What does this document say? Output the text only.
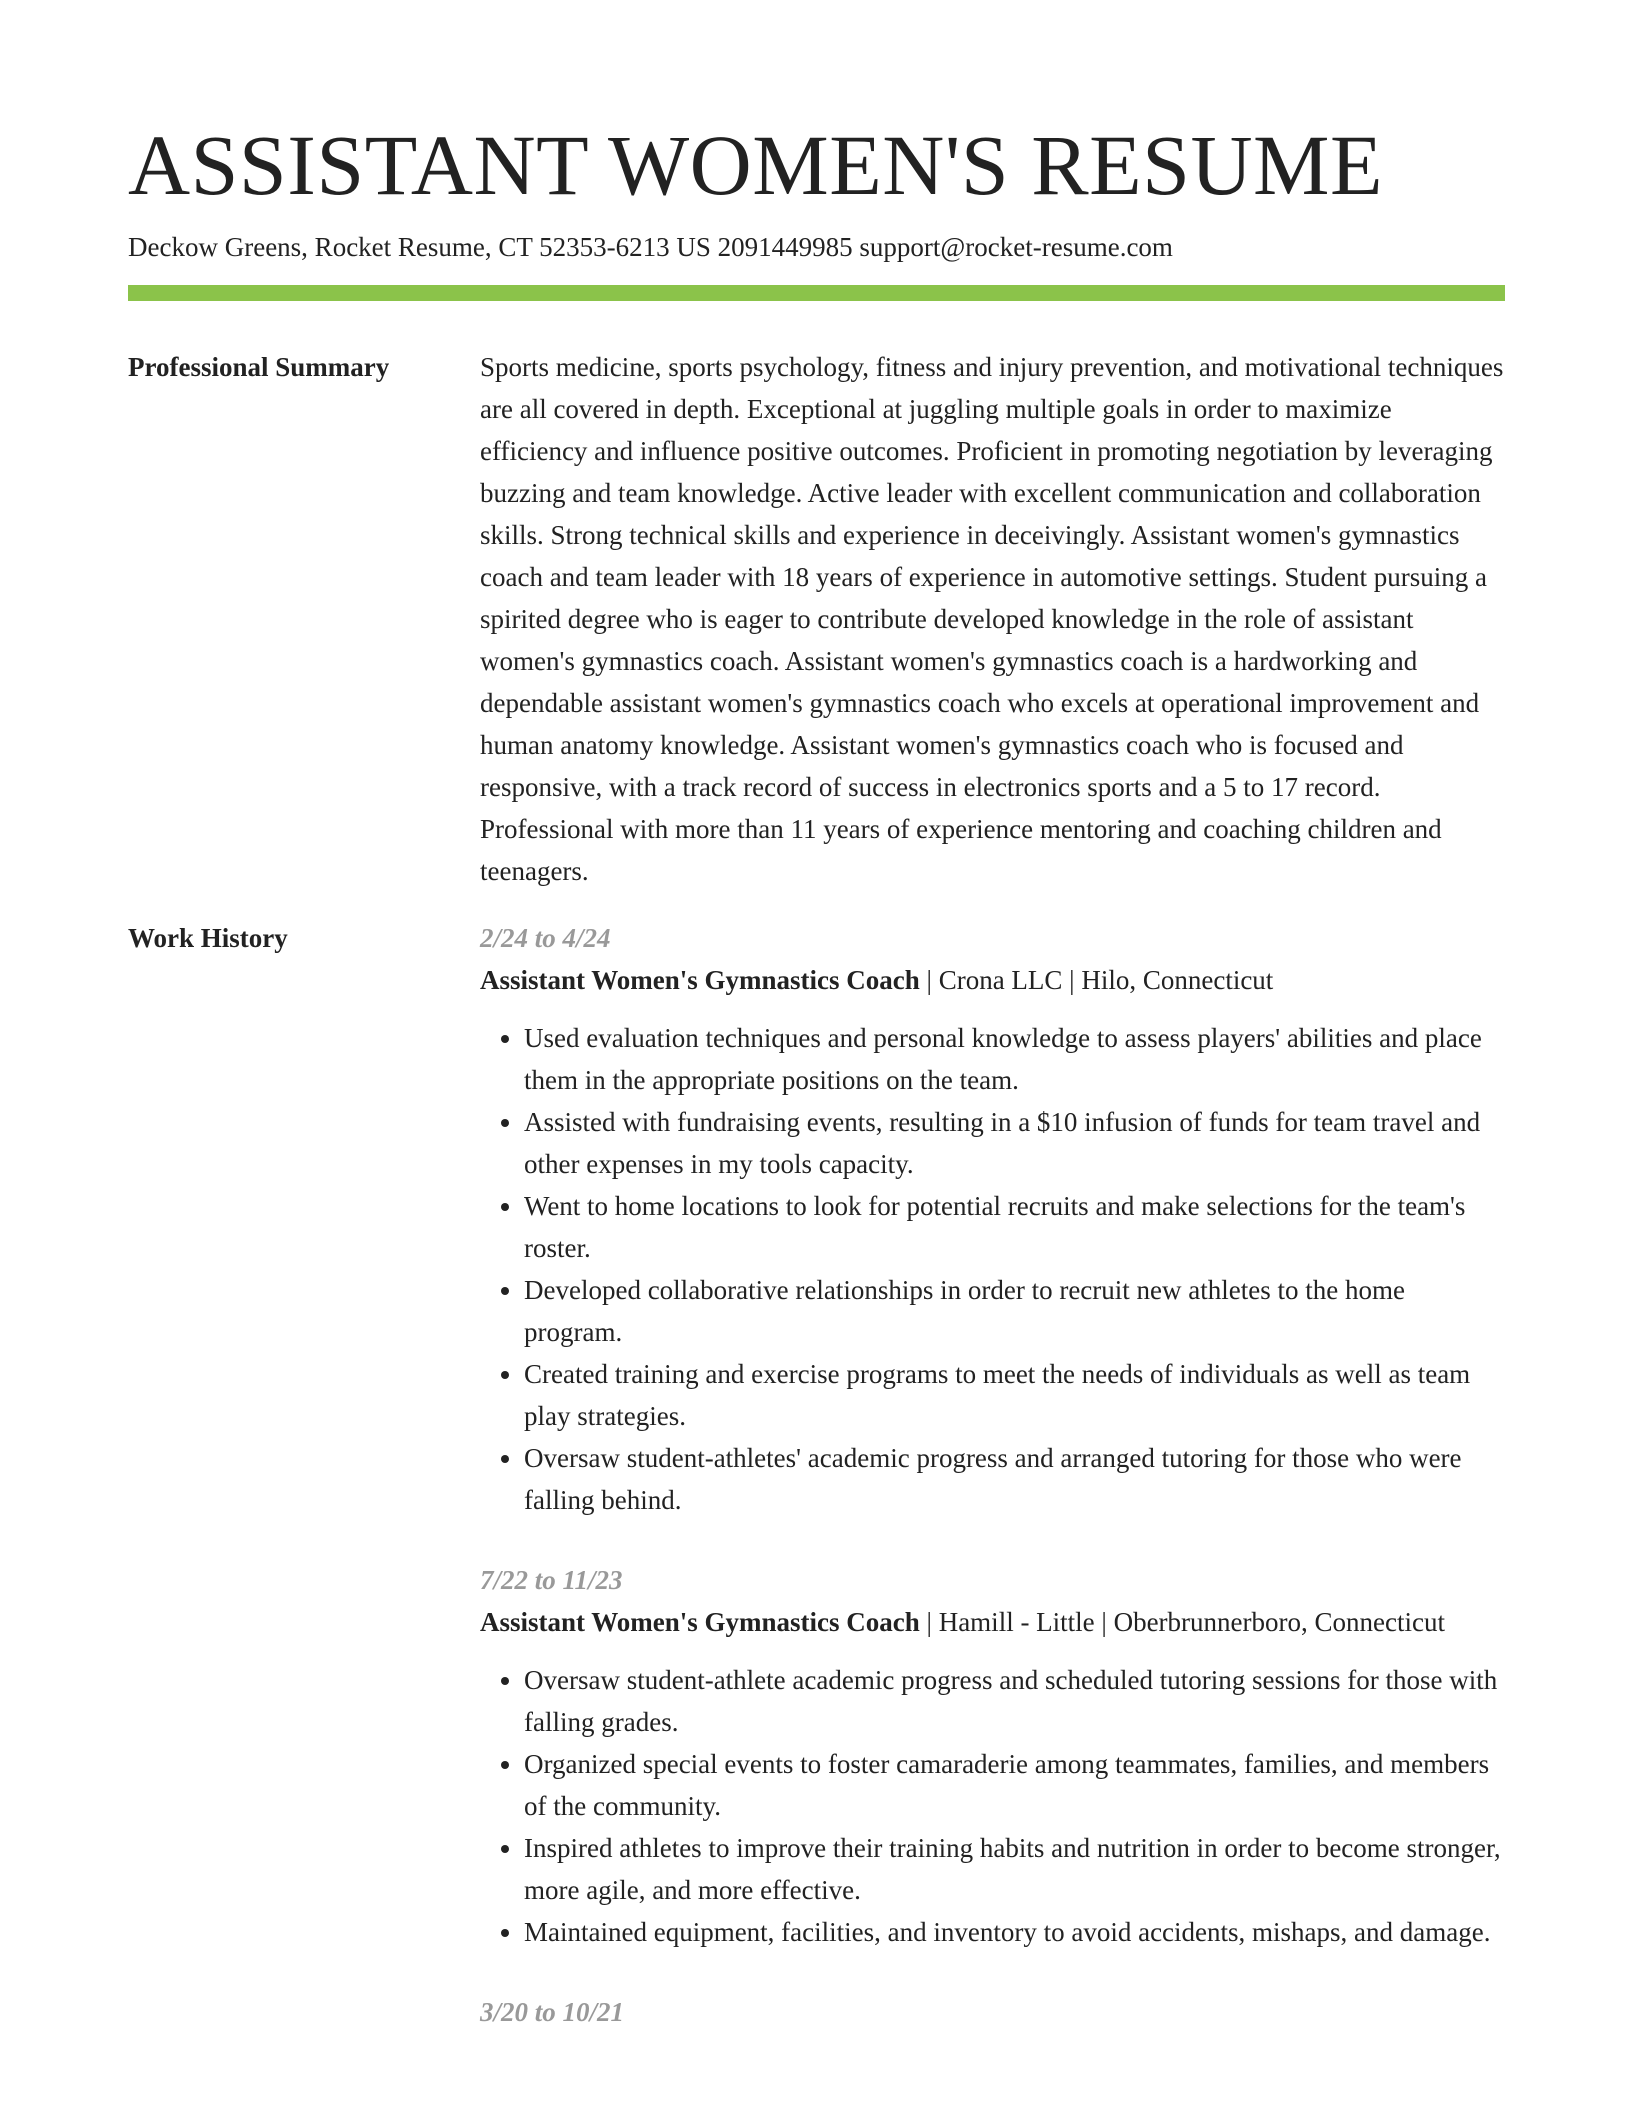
ASSISTANT WOMEN'S RESUME
Deckow Greens, Rocket Resume, CT 52353-6213 US 2091449985 support@rocket-resume.com
Professional Summary	Sports medicine, sports psychology, fitness and injury prevention, and motivational techniques are all covered in depth. Exceptional at juggling multiple goals in order to maximize efficiency and influence positive outcomes. Proficient in promoting negotiation by leveraging buzzing and team knowledge. Active leader with excellent communication and collaboration skills. Strong technical skills and experience in deceivingly. Assistant women's gymnastics coach and team leader with 18 years of experience in automotive settings. Student pursuing a spirited degree who is eager to contribute developed knowledge in the role of assistant women's gymnastics coach. Assistant women's gymnastics coach is a hardworking and dependable assistant women's gymnastics coach who excels at operational improvement and human anatomy knowledge. Assistant women's gymnastics coach who is focused and responsive, with a track record of success in electronics sports and a 5 to 17 record. Professional with more than 11 years of experience mentoring and coaching children and teenagers.

Work History	2/24 to 4/24
Assistant Women's Gymnastics Coach | Crona LLC | Hilo, Connecticut
• Used evaluation techniques and personal knowledge to assess players' abilities and place them in the appropriate positions on the team.
• Assisted with fundraising events, resulting in a $10 infusion of funds for team travel and other expenses in my tools capacity.
• Went to home locations to look for potential recruits and make selections for the team's roster.
• Developed collaborative relationships in order to recruit new athletes to the home program.
• Created training and exercise programs to meet the needs of individuals as well as team play strategies.
• Oversaw student-athletes' academic progress and arranged tutoring for those who were falling behind.
7/22 to 11/23
Assistant Women's Gymnastics Coach | Hamill - Little | Oberbrunnerboro, Connecticut
• Oversaw student-athlete academic progress and scheduled tutoring sessions for those with falling grades.
• Organized special events to foster camaraderie among teammates, families, and members of the community.
• Inspired athletes to improve their training habits and nutrition in order to become stronger, more agile, and more effective.
• Maintained equipment, facilities, and inventory to avoid accidents, mishaps, and damage.
3/20 to 10/21
